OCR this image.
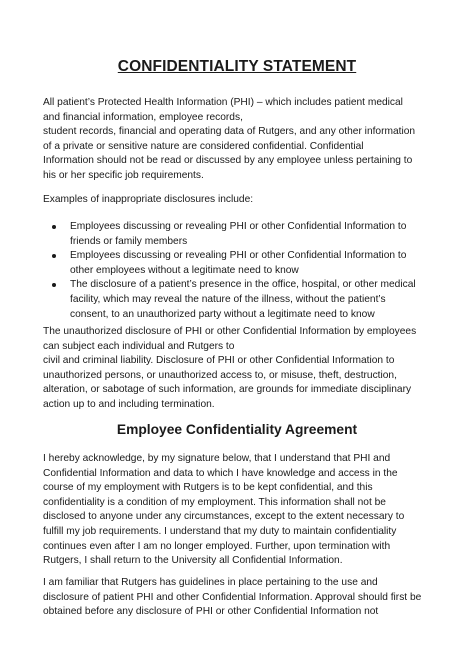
CONFIDENTIALITY STATEMENT

All patient’s Protected Health Information (PHI) – which includes patient medical
and financial information, employee records,
student records, financial and operating data of Rutgers, and any other information
of a private or sensitive nature are considered confidential. Confidential
Information should not be read or discussed by any employee unless pertaining to
his or her specific job requirements.

Examples of inappropriate disclosures include:

Employees discussing or revealing PHI or other Confidential Information to
friends or family members
Employees discussing or revealing PHI or other Confidential Information to
other employees without a legitimate need to know
The disclosure of a patient’s presence in the office, hospital, or other medical
facility, which may reveal the nature of the illness, without the patient’s
consent, to an unauthorized party without a legitimate need to know

The unauthorized disclosure of PHI or other Confidential Information by employees
can subject each individual and Rutgers to
civil and criminal liability. Disclosure of PHI or other Confidential Information to
unauthorized persons, or unauthorized access to, or misuse, theft, destruction,
alteration, or sabotage of such information, are grounds for immediate disciplinary
action up to and including termination.

Employee Confidentiality Agreement

I hereby acknowledge, by my signature below, that I understand that PHI and
Confidential Information and data to which I have knowledge and access in the
course of my employment with Rutgers is to be kept confidential, and this
confidentiality is a condition of my employment. This information shall not be
disclosed to anyone under any circumstances, except to the extent necessary to
fulfill my job requirements. I understand that my duty to maintain confidentiality
continues even after I am no longer employed. Further, upon termination with
Rutgers, I shall return to the University all Confidential Information.

I am familiar that Rutgers has guidelines in place pertaining to the use and
disclosure of patient PHI and other Confidential Information. Approval should first be
obtained before any disclosure of PHI or other Confidential Information not
